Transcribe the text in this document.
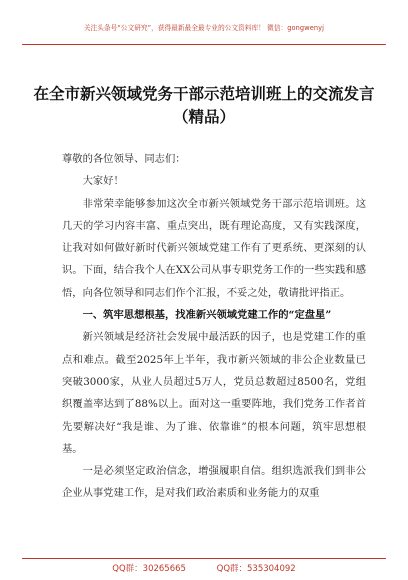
关注头条号“公文研究”，获得最新最全最专业的公文资料库！ 微信：gongwenyj
在全市新兴领域党务干部示范培训班上的交流发言（精品）

尊敬的各位领导、同志们：

大家好！

非常荣幸能够参加这次全市新兴领域党务干部示范培训班。这几天的学习内容丰富、重点突出，既有理论高度，又有实践深度，让我对如何做好新时代新兴领域党建工作有了更系统、更深刻的认识。下面，结合我个人在XX公司从事专职党务工作的一些实践和感悟，向各位领导和同志们作个汇报，不妥之处，敬请批评指正。

一、筑牢思想根基，找准新兴领域党建工作的“定盘星”

新兴领域是经济社会发展中最活跃的因子，也是党建工作的重点和难点。截至2025年上半年，我市新兴领域的非公企业数量已突破3000家，从业人员超过5万人，党员总数超过8500名，党组织覆盖率达到了88%以上。面对这一重要阵地，我们党务工作者首先要解决好“我是谁、为了谁、依靠谁”的根本问题，筑牢思想根基。

一是必须坚定政治信念，增强履职自信。组织选派我们到非公企业从事党建工作，是对我们政治素质和业务能力的双重

QQ群：30265665	QQ群：535304092
